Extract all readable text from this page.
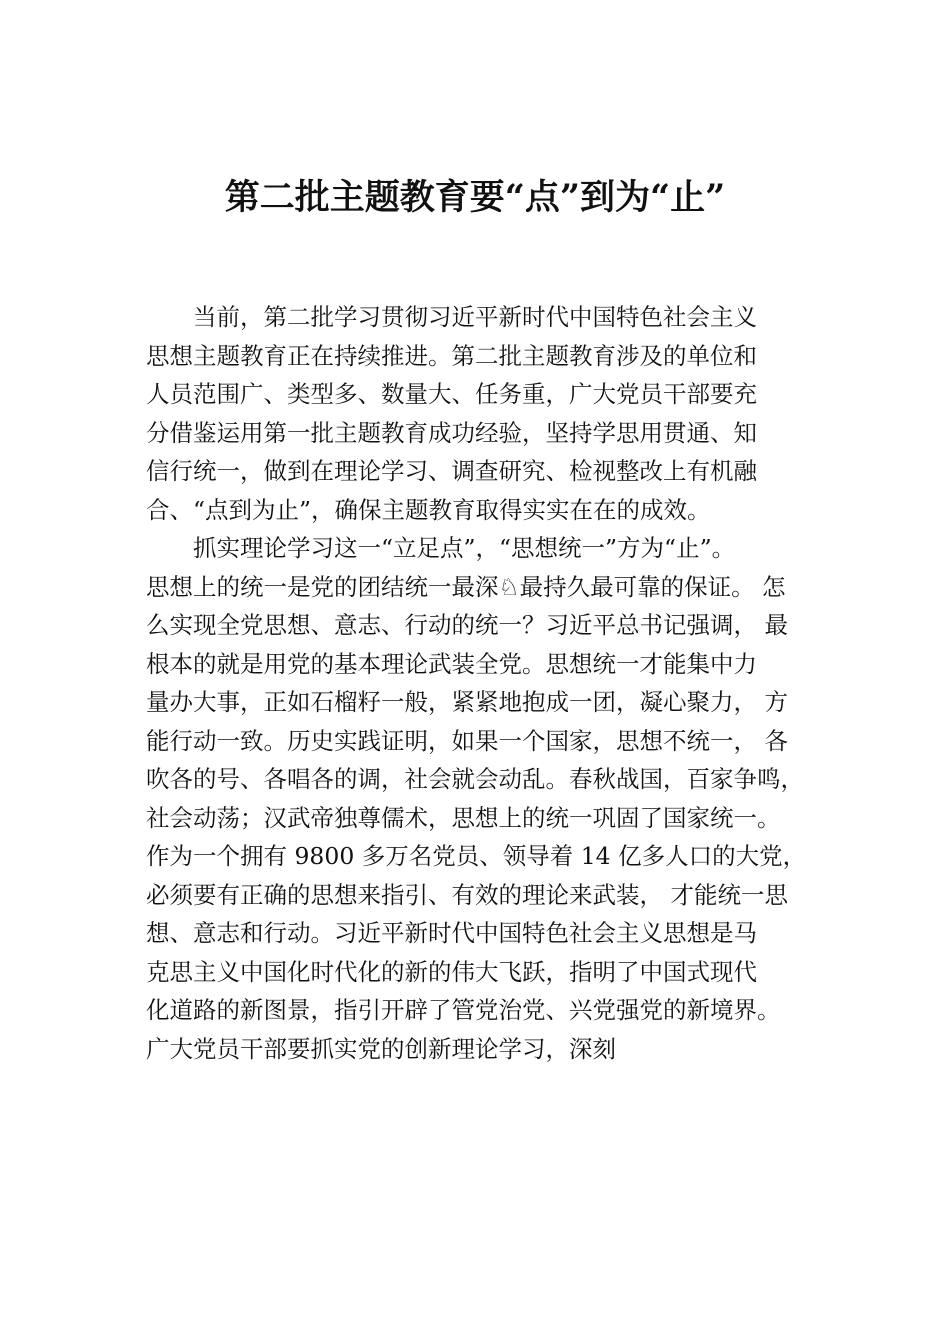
第二批主题教育要“点”到为“止”
当前，第二批学习贯彻习近平新时代中国特色社会主义
思想主题教育正在持续推进。第二批主题教育涉及的单位和
人员范围广、类型多、数量大、任务重，广大党员干部要充
分借鉴运用第一批主题教育成功经验，坚持学思用贯通、知
信行统一，做到在理论学习、调查研究、检视整改上有机融
合、“点到为止”，确保主题教育取得实实在在的成效。
抓实理论学习这一“立足点”，“思想统一”方为“止”。
思想上的统一是党的团结统一最深♘最持久最可靠的保证。 怎
么实现全党思想、意志、行动的统一？习近平总书记强调， 最
根本的就是用党的基本理论武装全党。思想统一才能集中力
量办大事，正如石榴籽一般，紧紧地抱成一团，凝心聚力， 方
能行动一致。历史实践证明，如果一个国家，思想不统一， 各
吹各的号、各唱各的调，社会就会动乱。春秋战国，百家争鸣，
社会动荡；汉武帝独尊儒术，思想上的统一巩固了国家统一。
作为一个拥有 9800 多万名党员、领导着 14 亿多人口的大党，
必须要有正确的思想来指引、有效的理论来武装， 才能统一思
想、意志和行动。习近平新时代中国特色社会主义思想是马
克思主义中国化时代化的新的伟大飞跃，指明了中国式现代
化道路的新图景，指引开辟了管党治党、兴党强党的新境界。
广大党员干部要抓实党的创新理论学习，深刻
